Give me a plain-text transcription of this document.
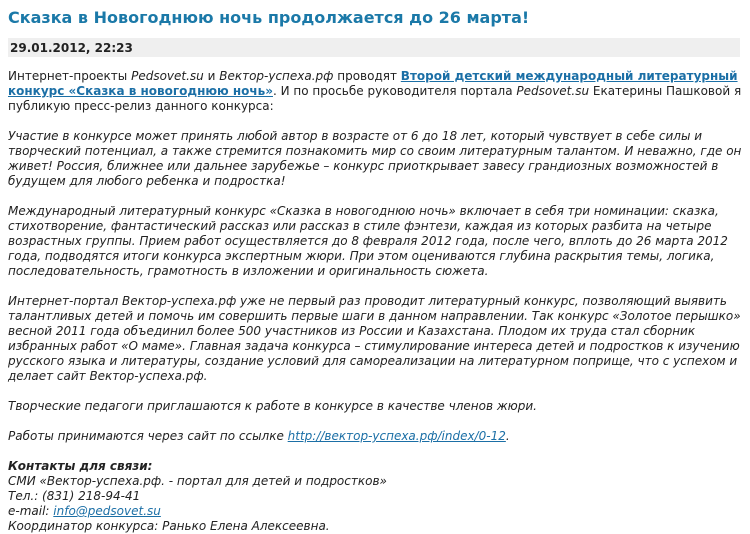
Сказка в Новогоднюю ночь продолжается до 26 марта!
29.01.2012, 22:23

Интернет-проекты Pedsovet.su и Вектор-успеха.рф проводят Второй детский международный литературный конкурс «Сказка в новогоднюю ночь». И по просьбе руководителя портала Pedsovet.su Екатерины Пашковой я публикую пресс-релиз данного конкурса:

Участие в конкурсе может принять любой автор в возрасте от 6 до 18 лет, который чувствует в себе силы и творческий потенциал, а также стремится познакомить мир со своим литературным талантом. И неважно, где он живет! Россия, ближнее или дальнее зарубежье – конкурс приоткрывает завесу грандиозных возможностей в будущем для любого ребенка и подростка!

Международный литературный конкурс «Сказка в новогоднюю ночь» включает в себя три номинации: сказка, стихотворение, фантастический рассказ или рассказ в стиле фэнтези, каждая из которых разбита на четыре возрастных группы. Прием работ осуществляется до 8 февраля 2012 года, после чего, вплоть до 26 марта 2012 года, подводятся итоги конкурса экспертным жюри. При этом оцениваются глубина раскрытия темы, логика, последовательность, грамотность в изложении и оригинальность сюжета.

Интернет-портал Вектор-успеха.рф уже не первый раз проводит литературный конкурс, позволяющий выявить талантливых детей и помочь им совершить первые шаги в данном направлении. Так конкурс «Золотое перышко» весной 2011 года объединил более 500 участников из России и Казахстана. Плодом их труда стал сборник избранных работ «О маме». Главная задача конкурса – стимулирование интереса детей и подростков к изучению русского языка и литературы, создание условий для самореализации на литературном поприще, что с успехом и делает сайт Вектор-успеха.рф.

Творческие педагоги приглашаются к работе в конкурсе в качестве членов жюри.

Работы принимаются через сайт по ссылке http://вектор-успеха.рф/index/0-12.

Контакты для связи:
СМИ «Вектор-успеха.рф. - портал для детей и подростков»
Тел.: (831) 218-94-41
e-mail: info@pedsovet.su
Координатор конкурса: Ранько Елена Алексеевна.
